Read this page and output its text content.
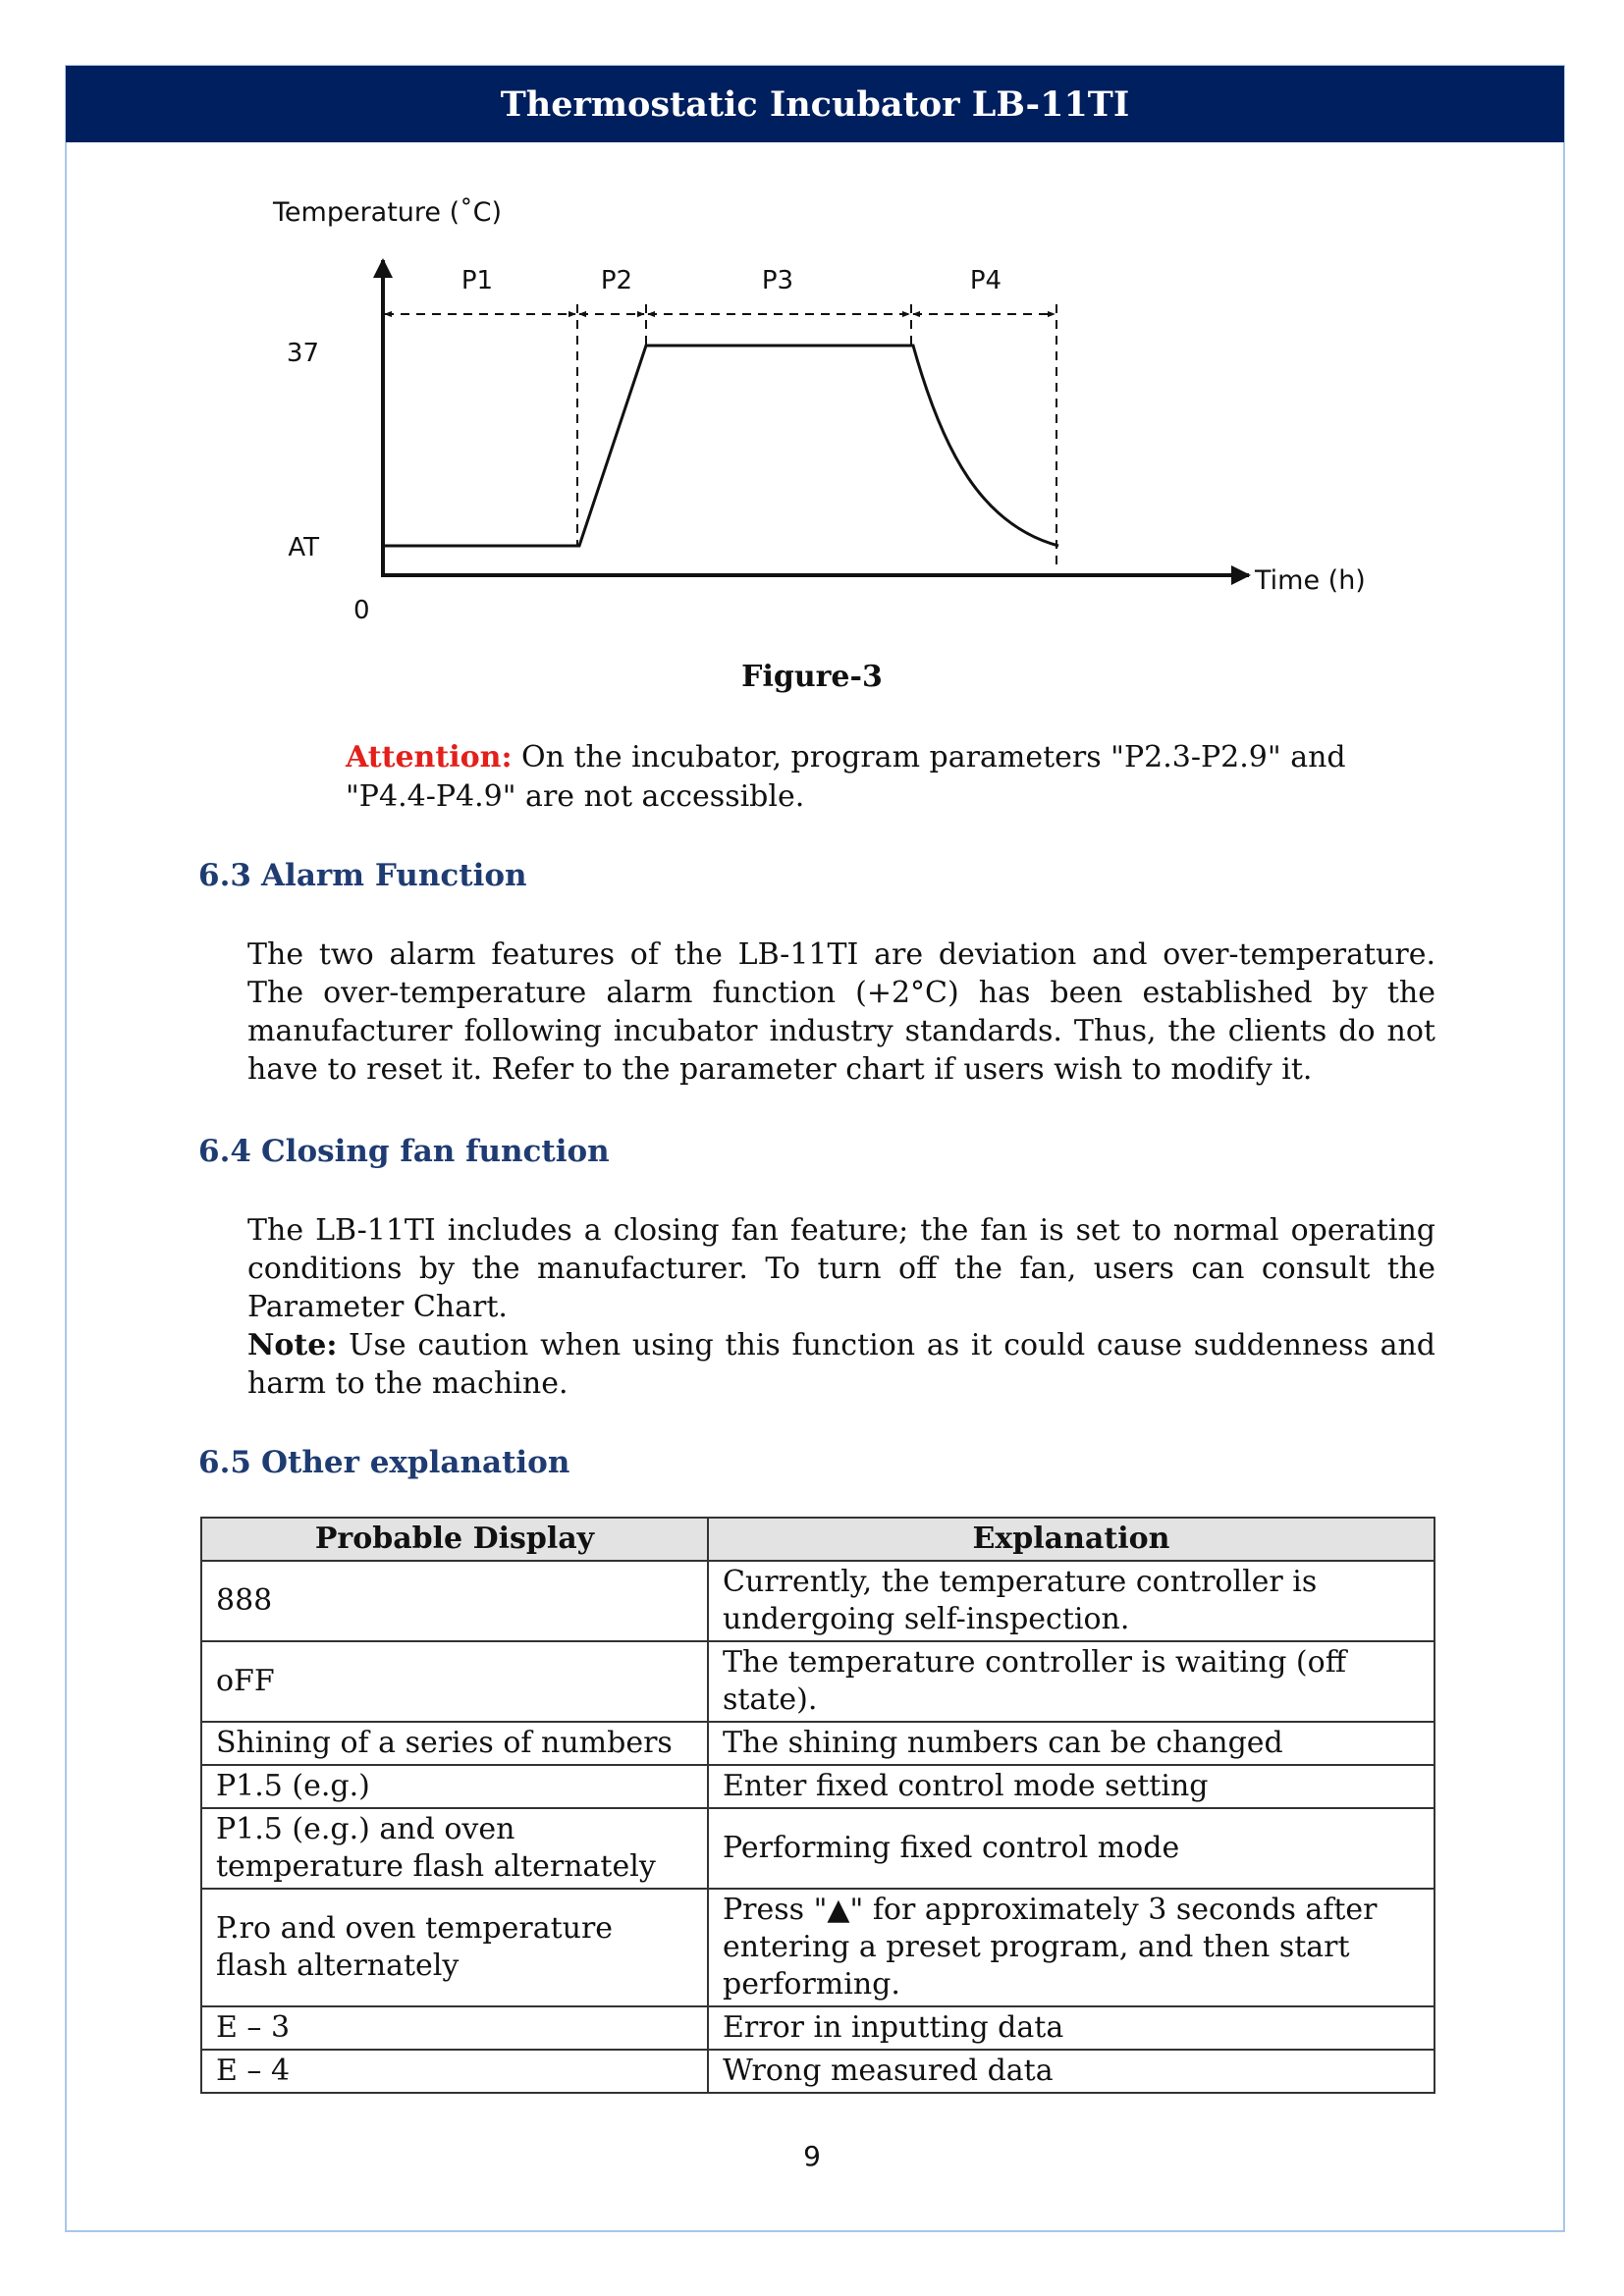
Thermostatic Incubator LB-11TI
Temperature (˚C)
Time (h)
37
AT
0
P1	P2	P3	P4
Figure-3
Attention: On the incubator, program parameters "P2.3-P2.9" and "P4.4-P4.9" are not accessible.
6.3 Alarm Function
The two alarm features of the LB-11TI are deviation and over-temperature. The over-temperature alarm function (+2°C) has been established by the manufacturer following incubator industry standards. Thus, the clients do not have to reset it. Refer to the parameter chart if users wish to modify it.
6.4 Closing fan function
The LB-11TI includes a closing fan feature; the fan is set to normal operating conditions by the manufacturer. To turn off the fan, users can consult the Parameter Chart.
Note: Use caution when using this function as it could cause suddenness and harm to the machine.
6.5 Other explanation
Probable Display	Explanation
888	Currently, the temperature controller is undergoing self-inspection.
oFF	The temperature controller is waiting (off state).
Shining of a series of numbers	The shining numbers can be changed
P1.5 (e.g.)	Enter fixed control mode setting
P1.5 (e.g.) and oven temperature flash alternately	Performing fixed control mode
P.ro and oven temperature flash alternately	Press "▲" for approximately 3 seconds after entering a preset program, and then start performing.
E – 3	Error in inputting data
E – 4	Wrong measured data
9
